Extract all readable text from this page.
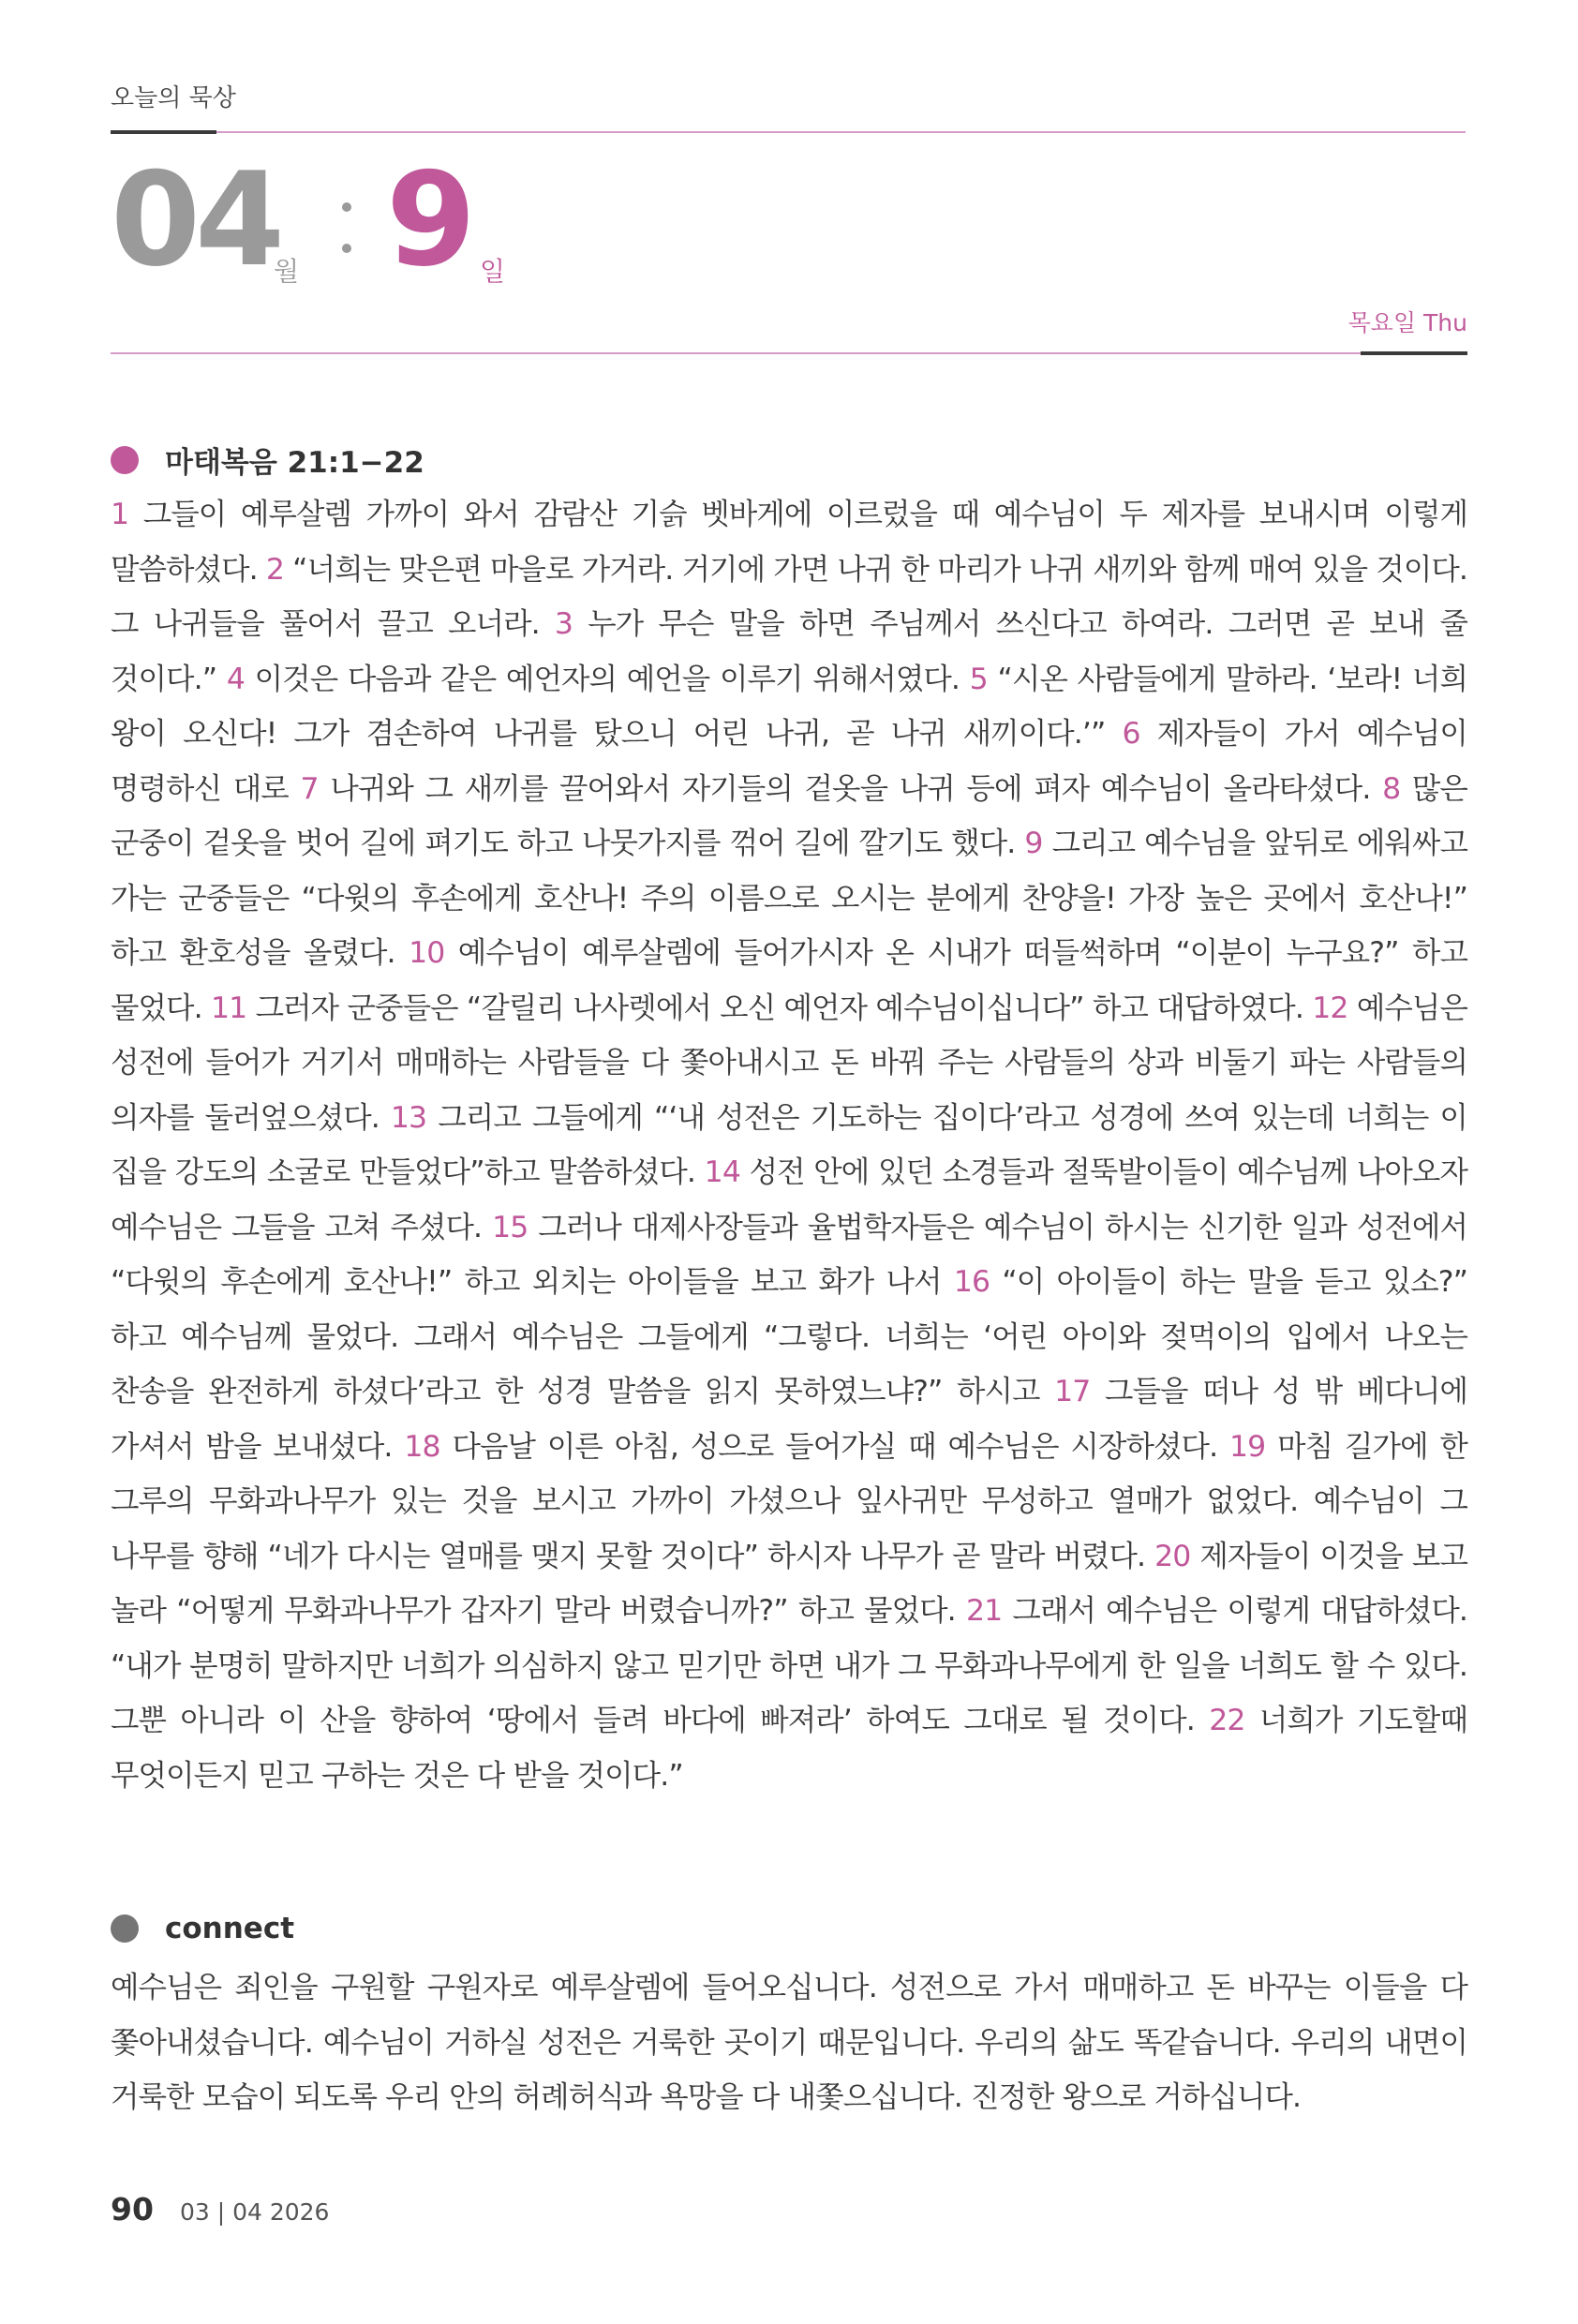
오늘의 묵상
04
월 9 일
목요일 Thu
마태복음 21:1−22
1 그들이 예루살렘 가까이 와서 감람산 기슭 벳바게에 이르렀을 때 예수님이 두 제자를 보내시며 이렇게 말씀하셨다. 2 “너희는 맞은편 마을로 가거라. 거기에 가면 나귀 한 마리가 나귀 새끼와 함께 매여 있을 것이다. 그 나귀들을 풀어서 끌고 오너라. 3 누가 무슨 말을 하면 주님께서 쓰신다고 하여라. 그러면 곧 보내 줄 것이다.” 4 이것은 다음과 같은 예언자의 예언을 이루기 위해서였다. 5 “시온 사람들에게 말하라. ‘보라! 너희 왕이 오신다! 그가 겸손하여 나귀를 탔으니 어린 나귀, 곧 나귀 새끼이다.’” 6 제자들이 가서 예수님이 명령하신 대로 7 나귀와 그 새끼를 끌어와서 자기들의 겉옷을 나귀 등에 펴자 예수님이 올라타셨다. 8 많은 군중이 겉옷을 벗어 길에 펴기도 하고 나뭇가지를 꺾어 길에 깔기도 했다. 9 그리고 예수님을 앞뒤로 에워싸고 가는 군중들은 “다윗의 후손에게 호산나! 주의 이름으로 오시는 분에게 찬양을! 가장 높은 곳에서 호산나!” 하고 환호성을 올렸다. 10 예수님이 예루살렘에 들어가시자 온 시내가 떠들썩하며 “이분이 누구요?” 하고 물었다. 11 그러자 군중들은 “갈릴리 나사렛에서 오신 예언자 예수님이십니다” 하고 대답하였다. 12 예수님은 성전에 들어가 거기서 매매하는 사람들을 다 쫓아내시고 돈 바꿔 주는 사람들의 상과 비둘기 파는 사람들의 의자를 둘러엎으셨다. 13 그리고 그들에게 “‘내 성전은 기도하는 집이다’라고 성경에 쓰여 있는데 너희는 이 집을 강도의 소굴로 만들었다”하고 말씀하셨다. 14 성전 안에 있던 소경들과 절뚝발이들이 예수님께 나아오자 예수님은 그들을 고쳐 주셨다. 15 그러나 대제사장들과 율법학자들은 예수님이 하시는 신기한 일과 성전에서 “다윗의 후손에게 호산나!” 하고 외치는 아이들을 보고 화가 나서 16 “이 아이들이 하는 말을 듣고 있소?” 하고 예수님께 물었다. 그래서 예수님은 그들에게 “그렇다. 너희는 ‘어린 아이와 젖먹이의 입에서 나오는 찬송을 완전하게 하셨다’라고 한 성경 말씀을 읽지 못하였느냐?” 하시고 17 그들을 떠나 성 밖 베다니에 가셔서 밤을 보내셨다. 18 다음날 이른 아침, 성으로 들어가실 때 예수님은 시장하셨다. 19 마침 길가에 한 그루의 무화과나무가 있는 것을 보시고 가까이 가셨으나 잎사귀만 무성하고 열매가 없었다. 예수님이 그 나무를 향해 “네가 다시는 열매를 맺지 못할 것이다” 하시자 나무가 곧 말라 버렸다. 20 제자들이 이것을 보고 놀라 “어떻게 무화과나무가 갑자기 말라 버렸습니까?” 하고 물었다. 21 그래서 예수님은 이렇게 대답하셨다. “내가 분명히 말하지만 너희가 의심하지 않고 믿기만 하면 내가 그 무화과나무에게 한 일을 너희도 할 수 있다. 그뿐 아니라 이 산을 향하여 ‘땅에서 들려 바다에 빠져라’ 하여도 그대로 될 것이다. 22 너희가 기도할때 무엇이든지 믿고 구하는 것은 다 받을 것이다.”
connect
예수님은 죄인을 구원할 구원자로 예루살렘에 들어오십니다. 성전으로 가서 매매하고 돈 바꾸는 이들을 다 쫓아내셨습니다. 예수님이 거하실 성전은 거룩한 곳이기 때문입니다. 우리의 삶도 똑같습니다. 우리의 내면이 거룩한 모습이 되도록 우리 안의 허례허식과 욕망을 다 내쫓으십니다. 진정한 왕으로 거하십니다.
90 03 | 04 2026
